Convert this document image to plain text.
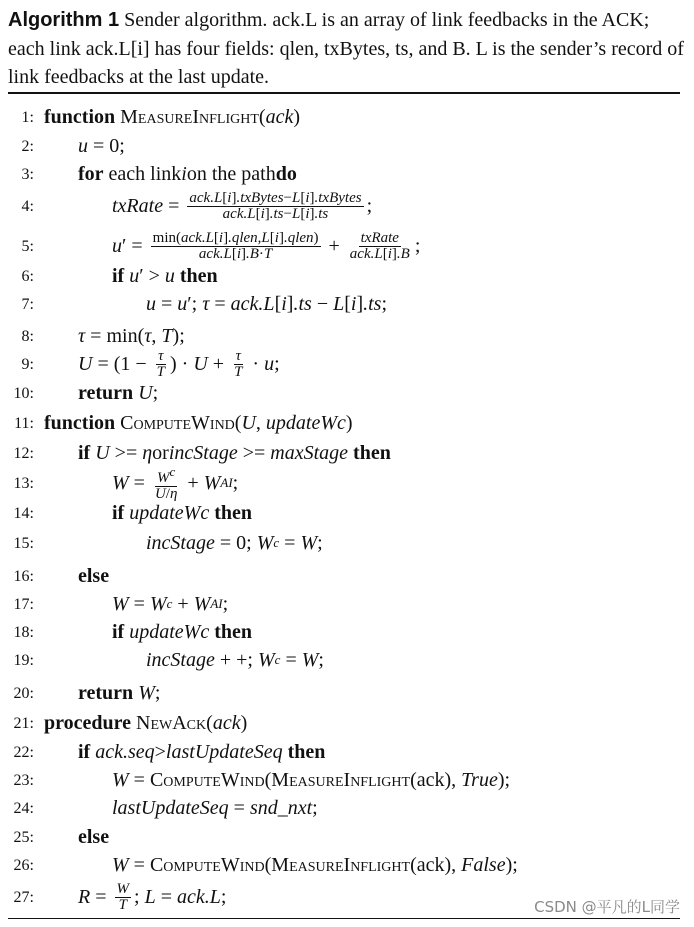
Algorithm 1 Sender algorithm. ack.L is an array of link feedbacks in the ACK; each link ack.L[i] has four fields: qlen, txBytes, ts, and B. L is the sender’s record of link feedbacks at the last update.
1: function
MeasureInflight ( ack )
2: u = 0;
3: for each link i on the path do
4:	txRate = $\frac{\text{ack.L[i].txBytes−L[i].txBytes}}{\text{ack.L[i].ts−L[i].ts}}$ ;
5:	u ′ = $\frac{\text{min(ack.L[i].qlen,L[i].qlen)}}{\text{ack.L[i].B·T}} + \frac{\text{txRate}}{\text{ack.L[i].B}}$ ;
6:	if
u ′ > u
then
7:	u = u ′; τ = ack.L [ i ] .ts − L [ i ] .ts ;
8: τ = min( τ , T );
9: $U = (1 - \frac{\tau}{T}$ ) · $U + \frac{\tau}{T} \cdot u$ ;
10: return
U ;
11: function
ComputeWind ( U , updateWc )
12: if
U >= η or incStage >= maxStage
then
13:	$W = \frac{W^c}{U/\eta} + W$ AI ;
14:	if
updateWc
then
15:	incStage = 0; W c = W ;
16: else
17:	W = W c + W AI ;
18:	if
updateWc
then
19:	incStage + +; W c = W ;
20: return
W ;
21: procedure
NewAck ( ack )
22: if
ack.seq > lastUpdateSeq
then
23:	W = ComputeWind ( MeasureInflight (ack), True );
24:	lastUpdateSeq = snd_nxt ;
25: else
26:	W = ComputeWind ( MeasureInflight (ack), False );
27: $R = \frac{W}{T}$ ; L = ack.L ;	CSDN @平凡的L同学
